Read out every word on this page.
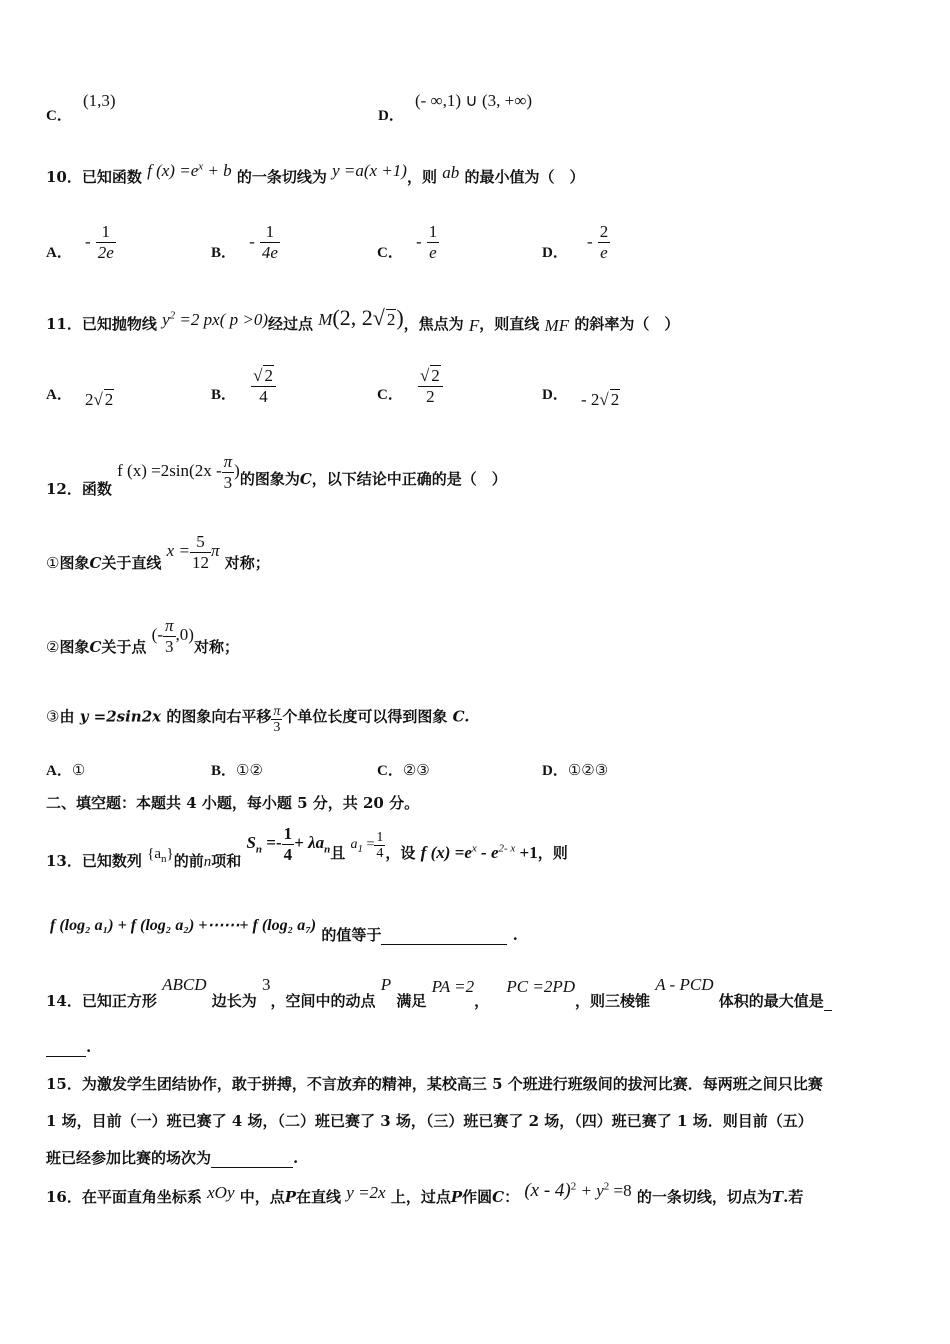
C． (1,3)
D． (- ∞,1) ∪ (3, +∞)
10．已知函数 f $(x) =e^x + b$ 的一条切线为 y =a(x +1)，则 ab 的最小值为（　）
A． - $\frac{1}{2e}$	B． - $\frac{1}{4e}$	C． - $\frac{1}{e}$	D． - $\frac{2}{e}$
11．已知抛物线 $y^2 =2$ px( p >0)经过点 M(2, 2√ 2)，焦点为 F，则直线 MF 的斜率为（　）
A． 2√ 2	B． $\frac{√ 2}{4}$	C． $\frac{√ 2}{2}$	D． - 2√ 2
12．函数 f $(x) =2\sin(2x - \frac{\pi}{3}$ )的图象为C，以下结论中正确的是（　）
①图象C关于直线 $x = \frac{5}{12}$ π 对称；
②图象C关于点 (- $\frac{\pi}{3} ,0$)对称；
③由 y =2sin2x 的图象向右平移 $\frac{\pi}{3}$ 个单位长度可以得到图象 C.
A．①	B．①②	C．②③	D．①②③
二、填空题：本题共 4 小题，每小题 5 分，共 20 分。
13．已知数列 $\{a_n\}$的前n项和 $S_n =- \frac{1}{4} + \lambda a_n$且 $a_1 = \frac{1}{4}$ ，设 f $(x) =e^x - e^{2- x} +1$，则
f (log₂ a₁) + f (log₂ a₂) +⋯⋯+ f (log₂ a₇) 的值等于	.
14．已知正方形 ABCD 边长为 3，空间中的动点 P 满足 PA =2， PC =2PD，则三棱锥 A - PCD 体积的最大值是
.
15．为激发学生团结协作，敢于拼搏，不言放弃的精神，某校高三 5 个班进行班级间的拔河比赛．每两班之间只比赛
1 场，目前（一）班已赛了 4 场，（二）班已赛了 3 场，（三）班已赛了 2 场，（四）班已赛了 1 场．则目前（五）
班已经参加比赛的场次为	.
16．在平面直角坐标系 xOy 中，点P在直线 y =2x 上，过点P作圆C： $(x - 4)^2 + y^2 =8$ 的一条切线，切点为T.若
